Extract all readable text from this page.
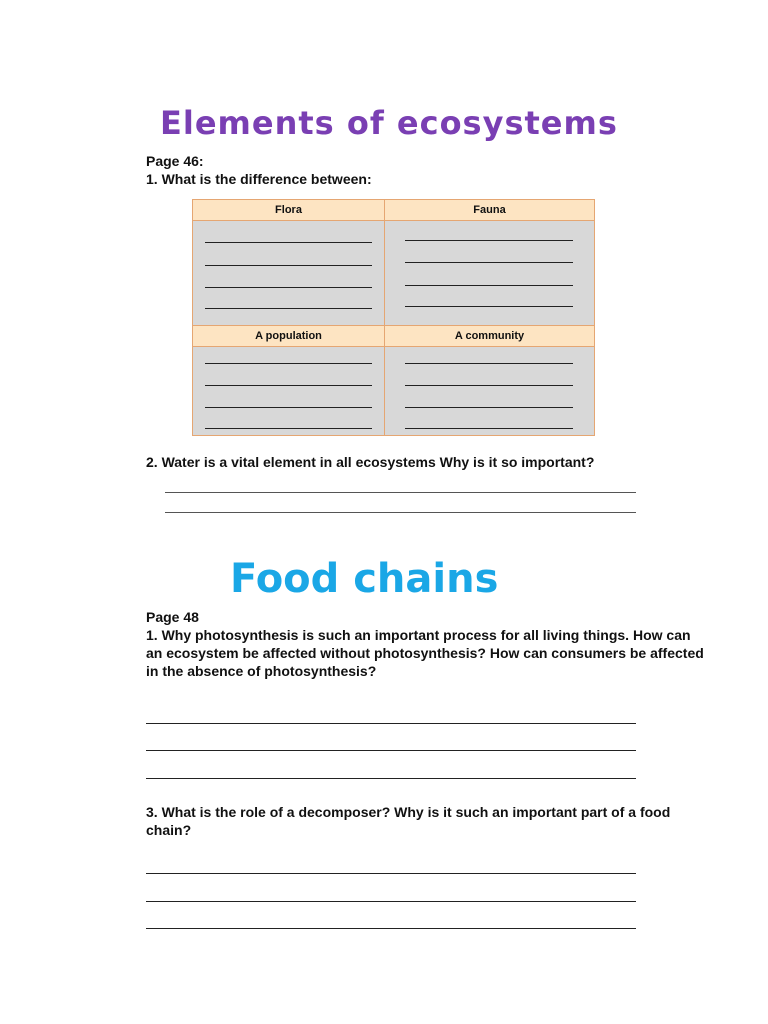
Elements of ecosystems
Page 46:
1. What is the difference between:
Flora	Fauna
A population	A community
2. Water is a vital element in all ecosystems Why is it so important?
Food chains
Page 48
1. Why photosynthesis is such an important process for all living things. How can an ecosystem be affected without photosynthesis? How can consumers be affected in the absence of photosynthesis?
3. What is the role of a decomposer? Why is it such an important part of a food chain?
